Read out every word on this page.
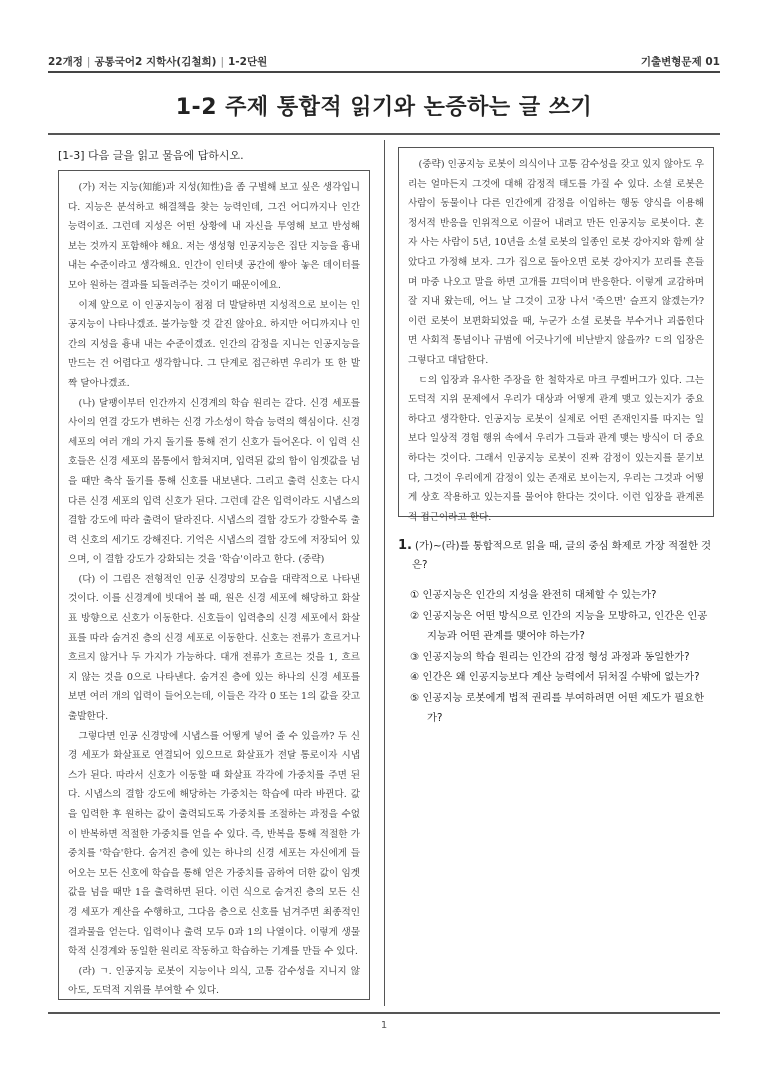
22개정 | 공통국어2 지학사(김철희) | 1-2단원	기출변형문제 01
1-2 주제 통합적 읽기와 논증하는 글 쓰기
[1-3] 다음 글을 읽고 물음에 답하시오.

(가) 저는 지능(知能)과 지성(知性)을 좀 구별해 보고 싶은 생각입니다. 지능은 분석하고 해결책을 찾는 능력인데, 그건 어디까지나 인간 능력이죠. 그런데 지성은 어떤 상황에 내 자신을 투영해 보고 반성해 보는 것까지 포함해야 해요. 저는 생성형 인공지능은 집단 지능을 흉내 내는 수준이라고 생각해요. 인간이 인터넷 공간에 쌓아 놓은 데이터를 모아 원하는 결과를 되돌려주는 것이기 때문이에요.

이제 앞으로 이 인공지능이 점점 더 발달하면 지성적으로 보이는 인공지능이 나타나겠죠. 불가능할 것 같진 않아요. 하지만 어디까지나 인간의 지성을 흉내 내는 수준이겠죠. 인간의 감정을 지니는 인공지능을 만드는 건 어렵다고 생각합니다. 그 단계로 접근하면 우리가 또 한 발짝 달아나겠죠.

(나) 달팽이부터 인간까지 신경계의 학습 원리는 같다. 신경 세포를 사이의 연결 강도가 변하는 신경 가소성이 학습 능력의 핵심이다. 신경 세포의 여러 개의 가지 돌기를 통해 전기 신호가 들어온다. 이 입력 신호들은 신경 세포의 몸통에서 합쳐지며, 입력된 값의 합이 임곗값을 넘을 때만 축삭 돌기를 통해 신호를 내보낸다. 그리고 출력 신호는 다시 다른 신경 세포의 입력 신호가 된다. 그런데 같은 입력이라도 시냅스의 결합 강도에 따라 출력이 달라진다. 시냅스의 결합 강도가 강할수록 출력 신호의 세기도 강해진다. 기억은 시냅스의 결합 강도에 저장되어 있으며, 이 결합 강도가 강화되는 것을 '학습'이라고 한다. (중략)

(다) 이 그림은 전형적인 인공 신경망의 모습을 대략적으로 나타낸 것이다. 이를 신경계에 빗대어 볼 때, 원은 신경 세포에 해당하고 화살표 방향으로 신호가 이동한다. 신호들이 입력층의 신경 세포에서 화살표를 따라 숨겨진 층의 신경 세포로 이동한다. 신호는 전류가 흐르거나 흐르지 않거나 두 가지가 가능하다. 대개 전류가 흐르는 것을 1, 흐르지 않는 것을 0으로 나타낸다. 숨겨진 층에 있는 하나의 신경 세포를 보면 여러 개의 입력이 들어오는데, 이들은 각각 0 또는 1의 값을 갖고 출발한다.

그렇다면 인공 신경망에 시냅스를 어떻게 넣어 줄 수 있을까? 두 신경 세포가 화살표로 연결되어 있으므로 화살표가 전달 통로이자 시냅스가 된다. 따라서 신호가 이동할 때 화살표 각각에 가중치를 주면 된다. 시냅스의 결합 강도에 해당하는 가중치는 학습에 따라 바뀐다. 값을 입력한 후 원하는 값이 출력되도록 가중치를 조절하는 과정을 수없이 반복하면 적절한 가중치를 얻을 수 있다. 즉, 반복을 통해 적절한 가중치를 '학습'한다. 숨겨진 층에 있는 하나의 신경 세포는 자신에게 들어오는 모든 신호에 학습을 통해 얻은 가중치를 곱하여 더한 값이 임곗값을 넘을 때만 1을 출력하면 된다. 이런 식으로 숨겨진 층의 모든 신경 세포가 계산을 수행하고, 그다음 층으로 신호를 넘겨주면 최종적인 결과물을 얻는다. 입력이나 출력 모두 0과 1의 나열이다. 이렇게 생물학적 신경계와 동일한 원리로 작동하고 학습하는 기계를 만들 수 있다.

(라) ㄱ. 인공지능 로봇이 지능이나 의식, 고통 감수성을 지니지 않아도, 도덕적 지위를 부여할 수 있다.

(중략) 인공지능 로봇이 의식이나 고통 감수성을 갖고 있지 않아도 우리는 얼마든지 그것에 대해 감정적 태도를 가질 수 있다. 소셜 로봇은 사람이 동물이나 다른 인간에게 감정을 이입하는 행동 양식을 이용해 정서적 반응을 인위적으로 이끌어 내려고 만든 인공지능 로봇이다. 혼자 사는 사람이 5년, 10년을 소셜 로봇의 일종인 로봇 강아지와 함께 살았다고 가정해 보자. 그가 집으로 돌아오면 로봇 강아지가 꼬리를 흔들며 마중 나오고 말을 하면 고개를 끄덕이며 반응한다. 이렇게 교감하며 잘 지내 왔는데, 어느 날 그것이 고장 나서 '죽으면' 슬프지 않겠는가? 이런 로봇이 보편화되었을 때, 누군가 소셜 로봇을 부수거나 괴롭힌다면 사회적 통념이나 규범에 어긋나기에 비난받지 않을까? ㄷ의 입장은 그렇다고 대답한다.

ㄷ의 입장과 유사한 주장을 한 철학자로 마크 쿠켈버그가 있다. 그는 도덕적 지위 문제에서 우리가 대상과 어떻게 관계 맺고 있는지가 중요하다고 생각한다. 인공지능 로봇이 실제로 어떤 존재인지를 따지는 일보다 일상적 경험 행위 속에서 우리가 그들과 관계 맺는 방식이 더 중요하다는 것이다. 그래서 인공지능 로봇이 진짜 감정이 있는지를 묻기보다, 그것이 우리에게 감정이 있는 존재로 보이는지, 우리는 그것과 어떻게 상호 작용하고 있는지를 물어야 한다는 것이다. 이런 입장을 관계론적 접근이라고 한다.

1. (가)~(라)를 통합적으로 읽을 때, 글의 중심 화제로 가장 적절한 것은?
① 인공지능은 인간의 지성을 완전히 대체할 수 있는가?
② 인공지능은 어떤 방식으로 인간의 지능을 모방하고, 인간은 인공지능과 어떤 관계를 맺어야 하는가?
③ 인공지능의 학습 원리는 인간의 감정 형성 과정과 동일한가?
④ 인간은 왜 인공지능보다 계산 능력에서 뒤처질 수밖에 없는가?
⑤ 인공지능 로봇에게 법적 권리를 부여하려면 어떤 제도가 필요한가?
1
